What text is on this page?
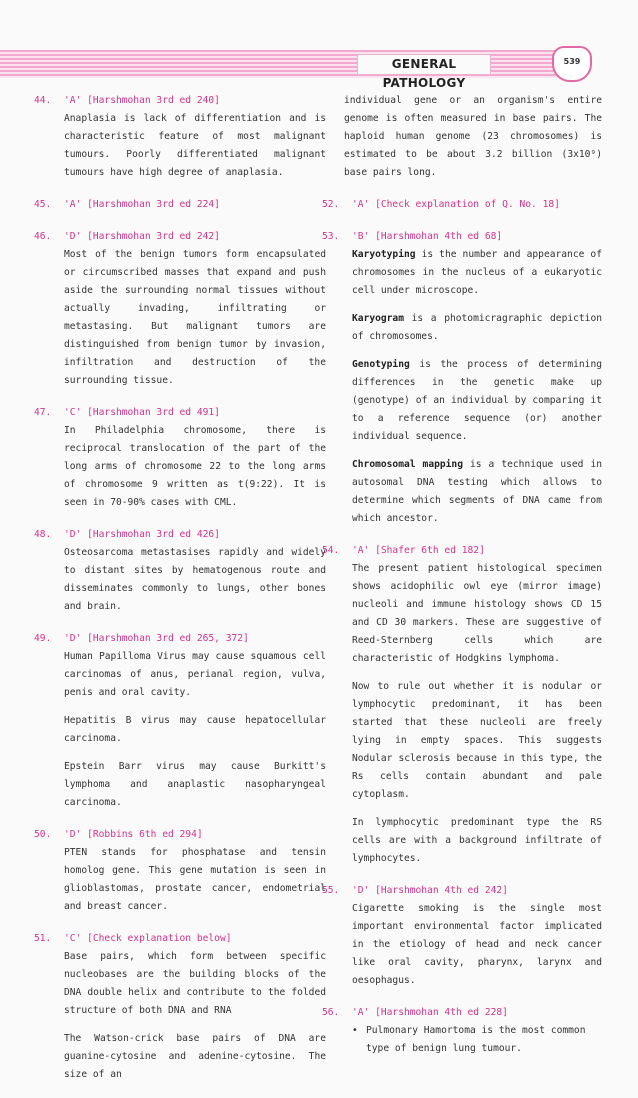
GENERAL PATHOLOGY
539
44. 'A' [Harshmohan 3rd ed 240]

Anaplasia is lack of differentiation and is characteristic feature of most malignant tumours. Poorly differentiated malignant tumours have high degree of anaplasia.

45. 'A' [Harshmohan 3rd ed 224]
46. 'D' [Harshmohan 3rd ed 242]

Most of the benign tumors form encapsulated or circumscribed masses that expand and push aside the surrounding normal tissues without actually invading, infiltrating or metastasing. But malignant tumors are distinguished from benign tumor by invasion, infiltration and destruction of the surrounding tissue.

47. 'C' [Harshmohan 3rd ed 491]

In Philadelphia chromosome, there is reciprocal translocation of the part of the long arms of chromosome 22 to the long arms of chromosome 9 written as t(9:22). It is seen in 70-90% cases with CML.

48. 'D' [Harshmohan 3rd ed 426]

Osteosarcoma metastasises rapidly and widely to distant sites by hematogenous route and disseminates commonly to lungs, other bones and brain.

49. 'D' [Harshmohan 3rd ed 265, 372]

Human Papilloma Virus may cause squamous cell carcinomas of anus, perianal region, vulva, penis and oral cavity.

Hepatitis B virus may cause hepatocellular carcinoma.

Epstein Barr virus may cause Burkitt's lymphoma and anaplastic nasopharyngeal carcinoma.

50. 'D' [Robbins 6th ed 294]

PTEN stands for phosphatase and tensin homolog gene. This gene mutation is seen in glioblastomas, prostate cancer, endometrial and breast cancer.

51. 'C' [Check explanation below]

Base pairs, which form between specific nucleobases are the building blocks of the DNA double helix and contribute to the folded structure of both DNA and RNA

The Watson-crick base pairs of DNA are guanine-cytosine and adenine-cytosine. The size of an

individual gene or an organism's entire genome is often measured in base pairs. The haploid human genome (23 chromosomes) is estimated to be about 3.2 billion (3x10⁹) base pairs long.

52. 'A' [Check explanation of Q. No. 18]
53. 'B' [Harshmohan 4th ed 68]

Karyotyping is the number and appearance of chromosomes in the nucleus of a eukaryotic cell under microscope.

Karyogram is a photomicragraphic depiction of chromosomes.

Genotyping is the process of determining differences in the genetic make up (genotype) of an individual by comparing it to a reference sequence (or) another individual sequence.

Chromosomal mapping is a technique used in autosomal DNA testing which allows to determine which segments of DNA came from which ancestor.

54. 'A' [Shafer 6th ed 182]

The present patient histological specimen shows acidophilic owl eye (mirror image) nucleoli and immune histology shows CD 15 and CD 30 markers. These are suggestive of Reed-Sternberg cells which are characteristic of Hodgkins lymphoma.

Now to rule out whether it is nodular or lymphocytic predominant, it has been started that these nucleoli are freely lying in empty spaces. This suggests Nodular sclerosis because in this type, the Rs cells contain abundant and pale cytoplasm.

In lymphocytic predominant type the RS cells are with a background infiltrate of lymphocytes.

55. 'D' [Harshmohan 4th ed 242]

Cigarette smoking is the single most important environmental factor implicated in the etiology of head and neck cancer like oral cavity, pharynx, larynx and oesophagus.

56. 'A' [Harshmohan 4th ed 228]
• Pulmonary Hamortoma is the most common type of benign lung tumour.
